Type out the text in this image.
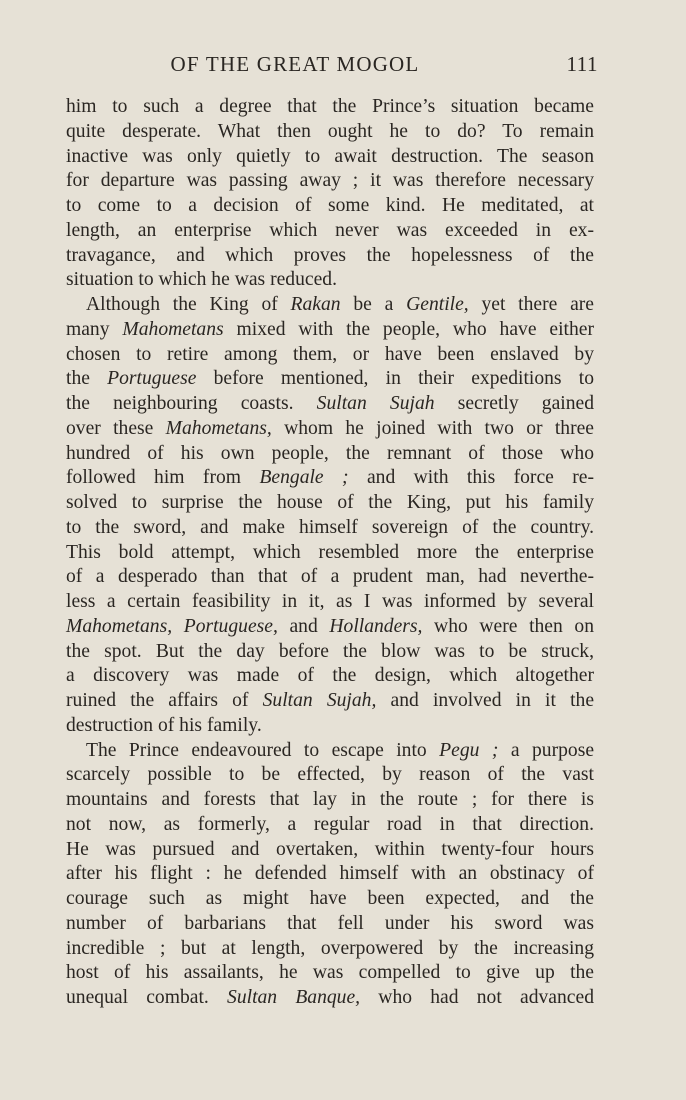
OF THE GREAT MOGOL	111
him to such a degree that the Prince’s situation became
quite desperate. What then ought he to do? To remain
inactive was only quietly to await destruction. The season
for departure was passing away ; it was therefore necessary
to come to a decision of some kind. He meditated, at
length, an enterprise which never was exceeded in ex-
travagance, and which proves the hopelessness of the
situation to which he was reduced.
Although the King of Rakan be a Gentile, yet there are
many Mahometans mixed with the people, who have either
chosen to retire among them, or have been enslaved by
the Portuguese before mentioned, in their expeditions to
the neighbouring coasts. Sultan Sujah secretly gained
over these Mahometans, whom he joined with two or three
hundred of his own people, the remnant of those who
followed him from Bengale ; and with this force re-
solved to surprise the house of the King, put his family
to the sword, and make himself sovereign of the country.
This bold attempt, which resembled more the enterprise
of a desperado than that of a prudent man, had neverthe-
less a certain feasibility in it, as I was informed by several
Mahometans, Portuguese, and Hollanders, who were then on
the spot. But the day before the blow was to be struck,
a discovery was made of the design, which altogether
ruined the affairs of Sultan Sujah, and involved in it the
destruction of his family.
The Prince endeavoured to escape into Pegu ; a purpose
scarcely possible to be effected, by reason of the vast
mountains and forests that lay in the route ; for there is
not now, as formerly, a regular road in that direction.
He was pursued and overtaken, within twenty-four hours
after his flight : he defended himself with an obstinacy of
courage such as might have been expected, and the
number of barbarians that fell under his sword was
incredible ; but at length, overpowered by the increasing
host of his assailants, he was compelled to give up the
unequal combat. Sultan Banque, who had not advanced
